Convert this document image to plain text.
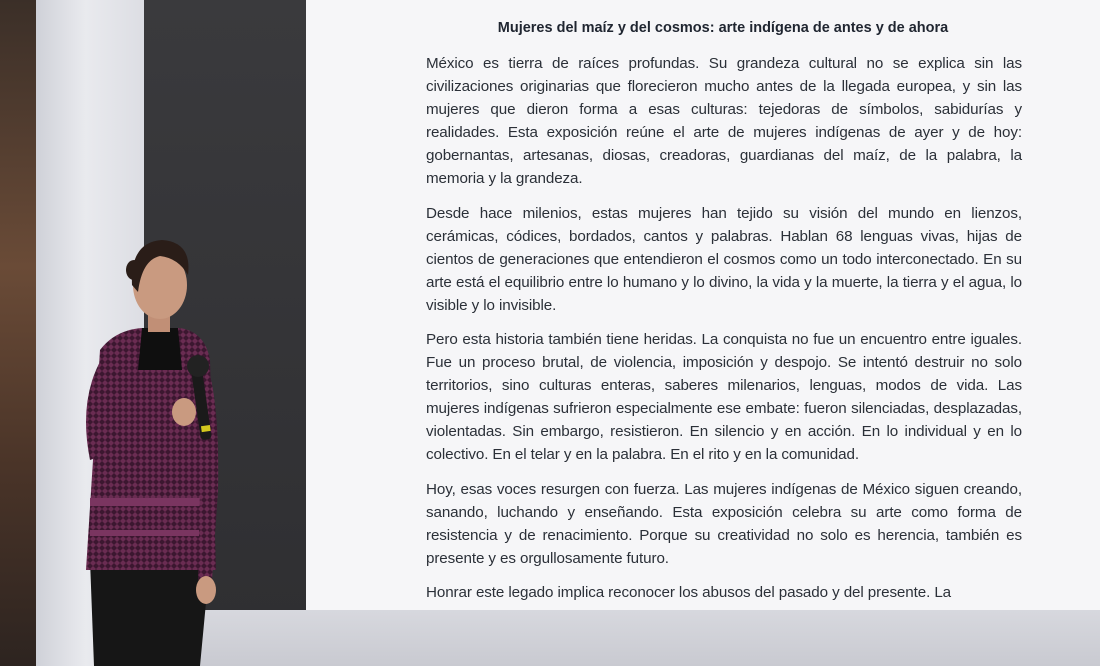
Mujeres del maíz y del cosmos: arte indígena de antes y de ahora

México es tierra de raíces profundas. Su grandeza cultural no se explica sin las civilizaciones originarias que florecieron mucho antes de la llegada europea, y sin las mujeres que dieron forma a esas culturas: tejedoras de símbolos, sabidurías y realidades. Esta exposición reúne el arte de mujeres indígenas de ayer y de hoy: gobernantas, artesanas, diosas, creadoras, guardianas del maíz, de la palabra, la memoria y la grandeza.

Desde hace milenios, estas mujeres han tejido su visión del mundo en lienzos, cerámicas, códices, bordados, cantos y palabras. Hablan 68 lenguas vivas, hijas de cientos de generaciones que entendieron el cosmos como un todo interconectado. En su arte está el equilibrio entre lo humano y lo divino, la vida y la muerte, la tierra y el agua, lo visible y lo invisible.

Pero esta historia también tiene heridas. La conquista no fue un encuentro entre iguales. Fue un proceso brutal, de violencia, imposición y despojo. Se intentó destruir no solo territorios, sino culturas enteras, saberes milenarios, lenguas, modos de vida. Las mujeres indígenas sufrieron especialmente ese embate: fueron silenciadas, desplazadas, violentadas. Sin embargo, resistieron. En silencio y en acción. En lo individual y en lo colectivo. En el telar y en la palabra. En el rito y en la comunidad.

Hoy, esas voces resurgen con fuerza. Las mujeres indígenas de México siguen creando, sanando, luchando y enseñando. Esta exposición celebra su arte como forma de resistencia y de renacimiento. Porque su creatividad no solo es herencia, también es presente y es orgullosamente futuro.

Honrar este legado implica reconocer los abusos del pasado y del presente. La
